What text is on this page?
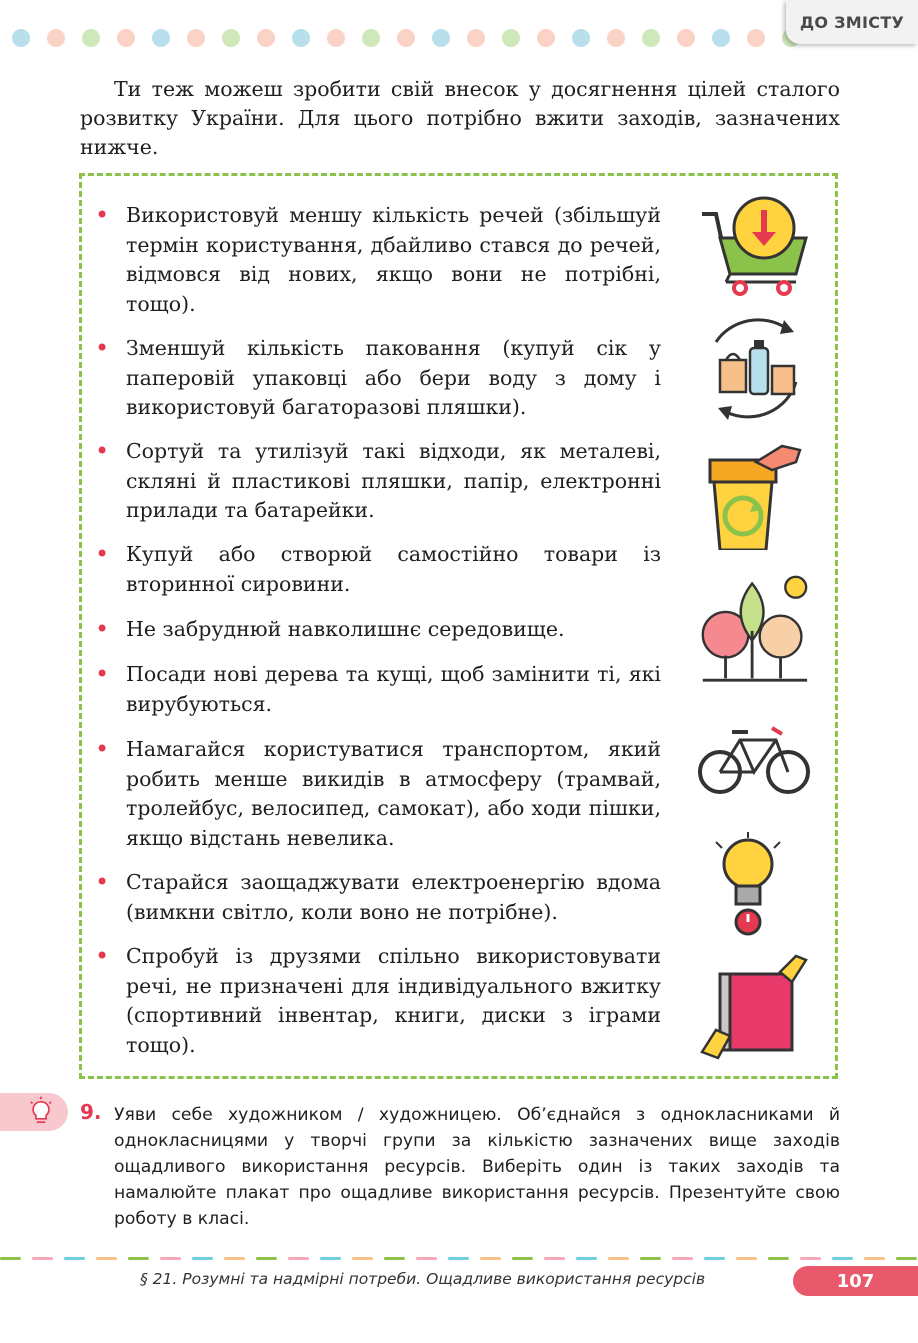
ДО ЗМІСТУ

Ти теж можеш зробити свій внесок у досягнення цілей сталого розвитку України. Для цього потрібно вжити заходів, зазначених нижче.

• Використовуй меншу кількість речей (збільшуй термін користування, дбайливо стався до речей, відмовся від нових, якщо вони не потрібні, тощо).
• Зменшуй кількість паковання (купуй сік у паперовій упаковці або бери воду з дому і використовуй багаторазові пляшки).
• Сортуй та утилізуй такі відходи, як металеві, скляні й пластикові пляшки, папір, електронні прилади та батарейки.
• Купуй або створюй самостійно товари із вторинної сировини.
• Не забруднюй навколишнє середовище.
• Посади нові дерева та кущі, щоб замінити ті, які вирубуються.
• Намагайся користуватися транспортом, який робить менше викидів в атмосферу (трамвай, тролейбус, велосипед, самокат), або ходи пішки, якщо відстань невелика.
• Старайся заощаджувати електроенергію вдома (вимкни світло, коли воно не потрібне).
• Спробуй із друзями спільно використовувати речі, не призначені для індивідуального вжитку (спортивний інвентар, книги, диски з іграми тощо).
9. Уяви себе художником / художницею. Об’єднайся з однокласниками й однокласницями у творчі групи за кількістю зазначених вище заходів ощадливого використання ресурсів. Виберіть один із таких заходів та намалюйте плакат про ощадливе використання ресурсів. Презентуйте свою роботу в класі.
§ 21. Розумні та надмірні потреби. Ощадливе використання ресурсів	107
